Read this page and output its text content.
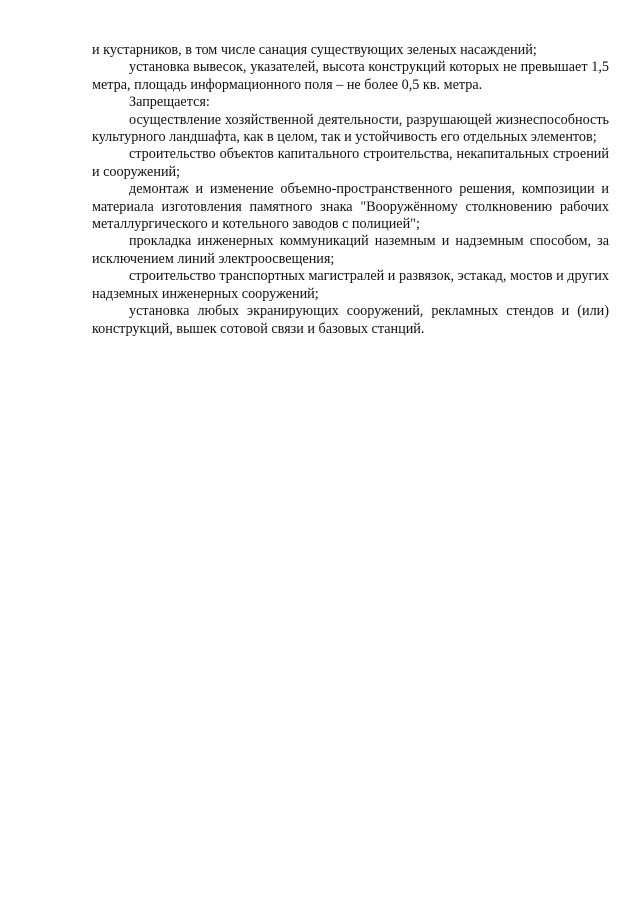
и кустарников, в том числе санация существующих зеленых насаждений;

установка вывесок, указателей, высота конструкций которых не превышает 1,5 метра, площадь информационного поля – не более 0,5 кв. метра.

Запрещается:

осуществление хозяйственной деятельности, разрушающей жизнеспособность культурного ландшафта, как в целом, так и устойчивость его отдельных элементов;

строительство объектов капитального строительства, некапитальных строений и сооружений;

демонтаж и изменение объемно-пространственного решения, композиции и материала изготовления памятного знака "Вооружённому столкновению рабочих металлургического и котельного заводов с полицией";

прокладка инженерных коммуникаций наземным и надземным способом, за исключением линий электроосвещения;

строительство транспортных магистралей и развязок, эстакад, мостов и других надземных инженерных сооружений;

установка любых экранирующих сооружений, рекламных стендов и (или) конструкций, вышек сотовой связи и базовых станций.
